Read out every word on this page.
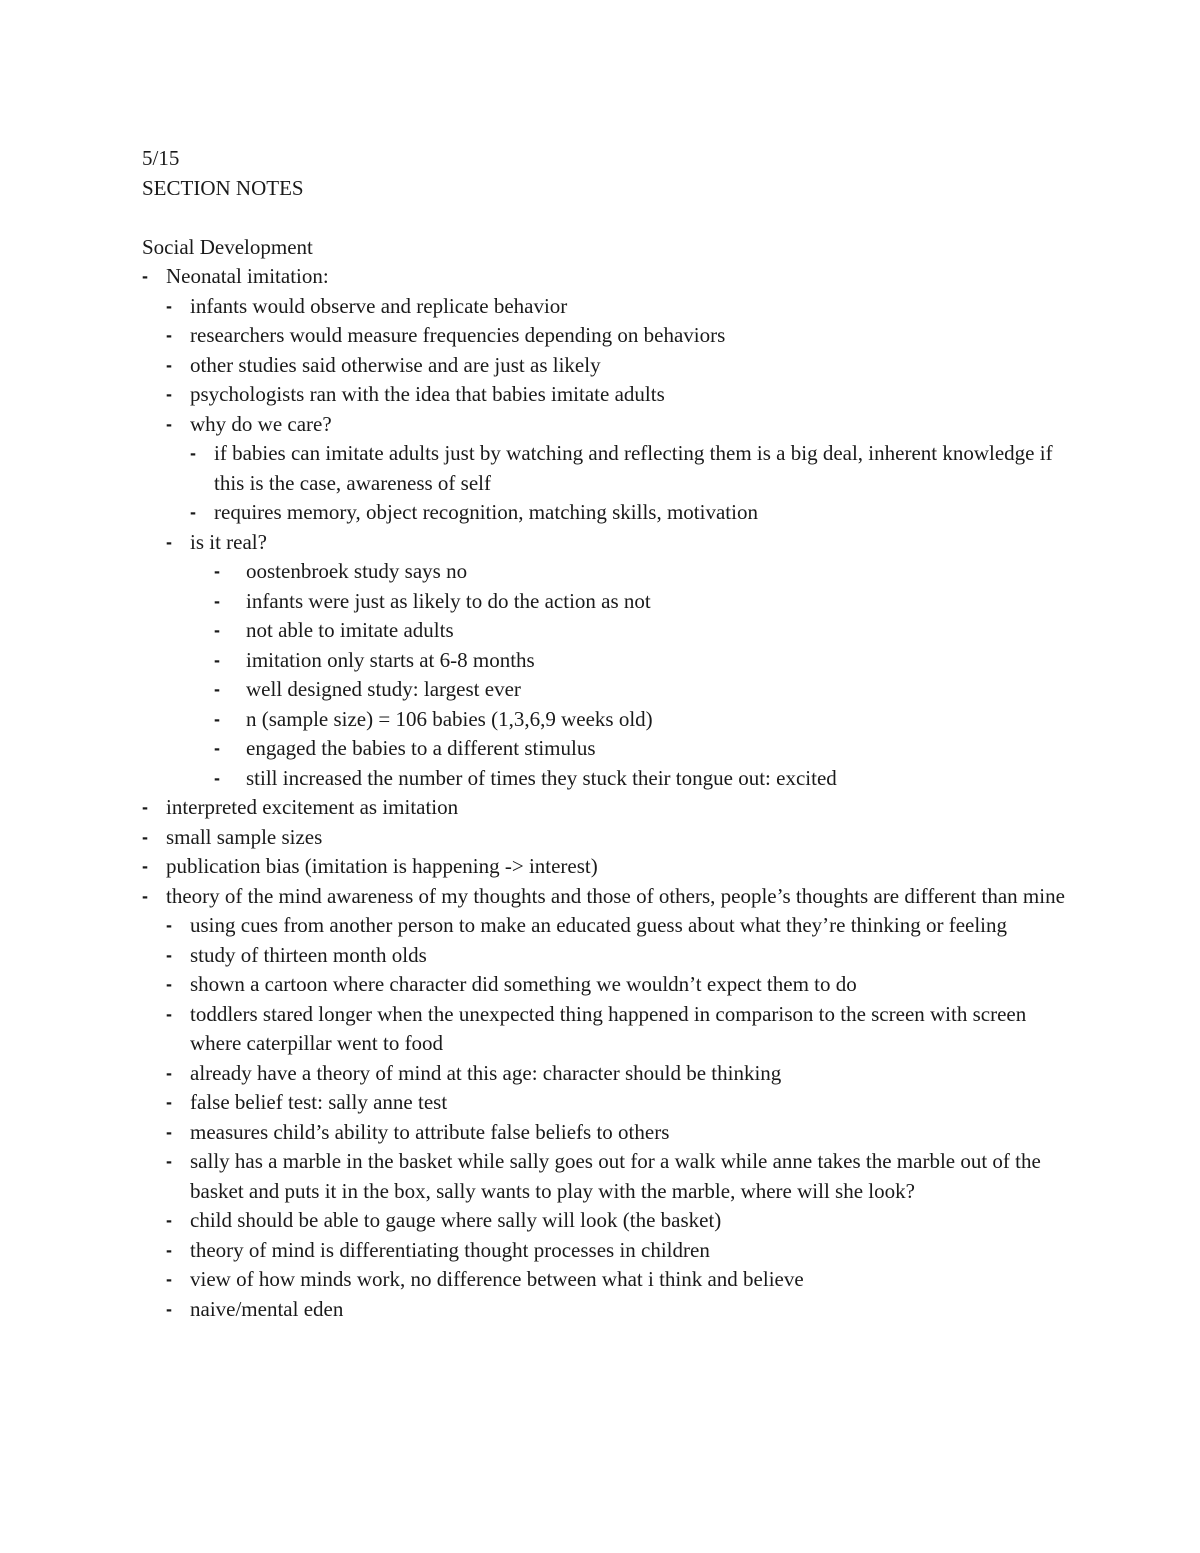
5/15
SECTION NOTES
Social Development
- Neonatal imitation:
- infants would observe and replicate behavior
- researchers would measure frequencies depending on behaviors
- other studies said otherwise and are just as likely
- psychologists ran with the idea that babies imitate adults
- why do we care?
- if babies can imitate adults just by watching and reflecting them is a big deal, inherent knowledge if this is the case, awareness of self
- requires memory, object recognition, matching skills, motivation
- is it real?
- oostenbroek study says no
- infants were just as likely to do the action as not
- not able to imitate adults
- imitation only starts at 6-8 months
- well designed study: largest ever
- n (sample size) = 106 babies (1,3,6,9 weeks old)
- engaged the babies to a different stimulus
- still increased the number of times they stuck their tongue out: excited
- interpreted excitement as imitation
- small sample sizes
- publication bias (imitation is happening -> interest)
- theory of the mind awareness of my thoughts and those of others, people’s thoughts are different than mine
- using cues from another person to make an educated guess about what they’re thinking or feeling
- study of thirteen month olds
- shown a cartoon where character did something we wouldn’t expect them to do
- toddlers stared longer when the unexpected thing happened in comparison to the screen with screen where caterpillar went to food
- already have a theory of mind at this age: character should be thinking
- false belief test: sally anne test
- measures child’s ability to attribute false beliefs to others
- sally has a marble in the basket while sally goes out for a walk while anne takes the marble out of the basket and puts it in the box, sally wants to play with the marble, where will she look?
- child should be able to gauge where sally will look (the basket)
- theory of mind is differentiating thought processes in children
- view of how minds work, no difference between what i think and believe
- naive/mental eden
